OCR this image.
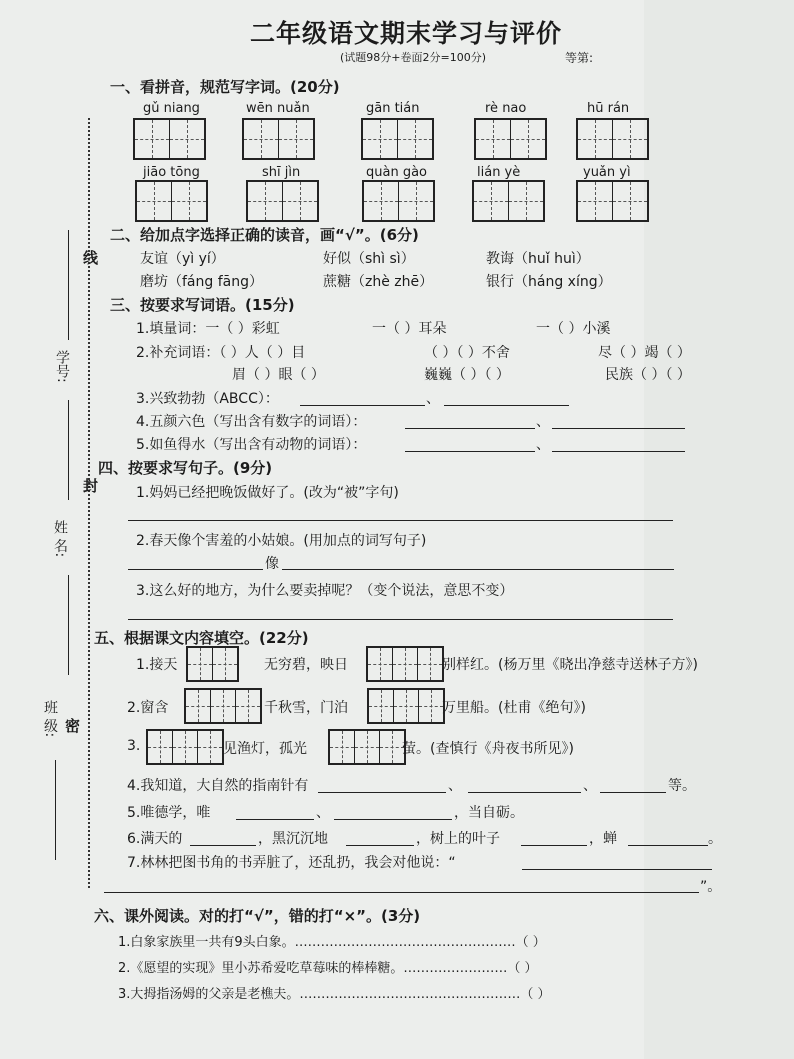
二年级语文期末学习与评价
(试题98分+卷面2分=100分)	等第:
线
封
密
学号:
姓 名:
班 级:
一、看拼音，规范写字词。(20分)
gǔ niang	wēn nuǎn	gān tián	rè nao	hū rán
jiāo tōng	shī jìn	quàn gào	lián yè	yuǎn yì
二、给加点字选择正确的读音，画“√”。(6分)
友谊（yì yí）	好似（shì sì）	教诲（huǐ huì）
磨坊（fáng fāng）	蔗糖（zhè zhē）	银行（háng xíng）
三、按要求写词语。(15分)
1.填量词：一（ ）彩虹	一（ ）耳朵	一（ ）小溪
2.补充词语：（ ）人（ ）目	（ ）（ ）不舍	尽（ ）竭（ ）
眉（ ）眼（ ）	巍巍（ ）（ ）	民族（ ）（ ）
3.兴致勃勃（ABCC）：	、
4.五颜六色（写出含有数字的词语）：	、
5.如鱼得水（写出含有动物的词语）：	、
四、按要求写句子。(9分)
1.妈妈已经把晚饭做好了。(改为“被”字句)
2.春天像个害羞的小姑娘。(用加点的词写句子)
像
3.这么好的地方，为什么要卖掉呢？（变个说法，意思不变）
五、根据课文内容填空。(22分)
1.接天	无穷碧，映日	别样红。(杨万里《晓出净慈寺送林子方》)
2.窗含	千秋雪，门泊	万里船。(杜甫《绝句》)
3.	见渔灯，孤光	萤。(查慎行《舟夜书所见》)
4.我知道，大自然的指南针有	、	、	等。
5.唯德学，唯	、	，当自砺。
6.满天的	，黑沉沉地	，树上的叶子	，蝉	。
7.林林把图书角的书弄脏了，还乱扔，我会对他说：“
”。
六、课外阅读。对的打“√”，错的打“×”。(3分)
1.白象家族里一共有9头白象。……………………………………………（ ）
2.《愿望的实现》里小苏希爱吃草莓味的棒棒糖。……………………（ ）
3.大拇指汤姆的父亲是老樵夫。……………………………………………（ ）
